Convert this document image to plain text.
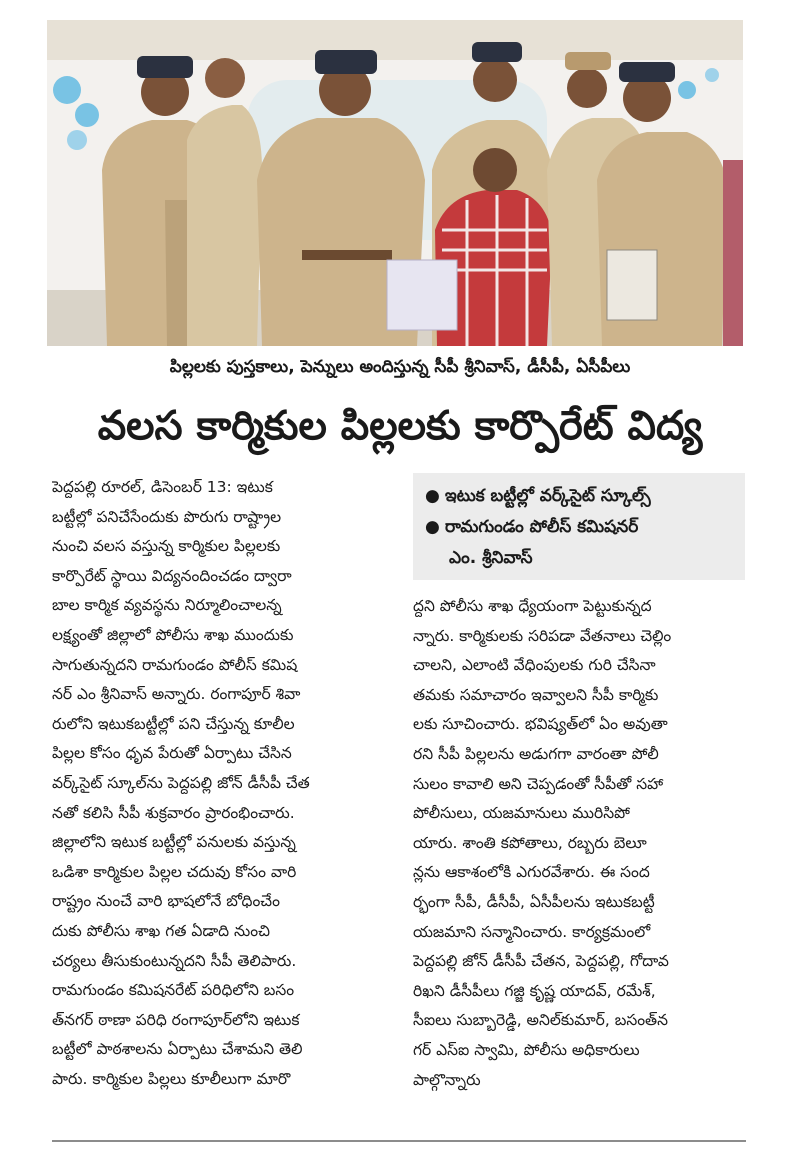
పిల్లలకు పుస్తకాలు, పెన్నులు అందిస్తున్న సీపీ శ్రీనివాస్, డీసీపీ, ఏసీపీలు
వలస కార్మికుల పిల్లలకు కార్పొరేట్ విద్య
పెద్దపల్లి రూరల్, డిసెంబర్ 13: ఇటుక
బట్టీల్లో పనిచేసేందుకు పొరుగు రాష్ట్రాల
నుంచి వలస వస్తున్న కార్మికుల పిల్లలకు
కార్పొరేట్ స్థాయి విద్యనందించడం ద్వారా
బాల కార్మిక వ్యవస్థను నిర్మూలించాలన్న
లక్ష్యంతో జిల్లాలో పోలీసు శాఖ ముందుకు
సాగుతున్నదని రామగుండం పోలీస్ కమిష
నర్ ఎం శ్రీనివాస్ అన్నారు. రంగాపూర్ శివా
రులోని ఇటుకబట్టీల్లో పని చేస్తున్న కూలీల
పిల్లల కోసం ధృవ పేరుతో ఏర్పాటు చేసిన
వర్క్‌సైట్ స్కూల్‌ను పెద్దపల్లి జోన్ డీసీపీ చేత
నతో కలిసి సీపీ శుక్రవారం ప్రారంభించారు.
జిల్లాలోని ఇటుక బట్టీల్లో పనులకు వస్తున్న
ఒడిశా కార్మికుల పిల్లల చదువు కోసం వారి
రాష్ట్రం నుంచే వారి భాషలోనే బోధించేం
దుకు పోలీసు శాఖ గత ఏడాది నుంచి
చర్యలు తీసుకుంటున్నదని సీపీ తెలిపారు.
రామగుండం కమిషనరేట్ పరిధిలోని బసం
త్‌నగర్ ఠాణా పరిధి రంగాపూర్‌లోని ఇటుక
బట్టీలో పాఠశాలను ఏర్పాటు చేశామని తెలి
పారు. కార్మికుల పిల్లలు కూలీలుగా మారొ
● ఇటుక బట్టీల్లో వర్క్‌సైట్ స్కూల్స్
● రామగుండం పోలీస్ కమిషనర్
ఎం. శ్రీనివాస్
ద్దని పోలీసు శాఖ ధ్యేయంగా పెట్టుకున్నద
న్నారు. కార్మికులకు సరిపడా వేతనాలు చెల్లిం
చాలని, ఎలాంటి వేధింపులకు గురి చేసినా
తమకు సమాచారం ఇవ్వాలని సీపీ కార్మికు
లకు సూచించారు. భవిష్యత్‌లో ఏం అవుతా
రని సీపీ పిల్లలను అడుగగా వారంతా పోలీ
సులం కావాలి అని చెప్పడంతో సీపీతో సహా
పోలీసులు, యజమానులు మురిసిపో
యారు. శాంతి కపోతాలు, రబ్బరు బెలూ
న్లను ఆకాశంలోకి ఎగురవేశారు. ఈ సంద
ర్భంగా సీపీ, డీసీపీ, ఏసీపీలను ఇటుకబట్టీ
యజమాని సన్మానించారు. కార్యక్రమంలో
పెద్దపల్లి జోన్ డీసీపీ చేతన, పెద్దపల్లి, గోదావ
రిఖని డీసీపీలు గజ్జి కృష్ణ యాదవ్, రమేశ్,
సీఐలు సుబ్బారెడ్డి, అనిల్‌కుమార్, బసంత్‌న
గర్ ఎస్ఐ స్వామి, పోలీసు అధికారులు
పాల్గొన్నారు
